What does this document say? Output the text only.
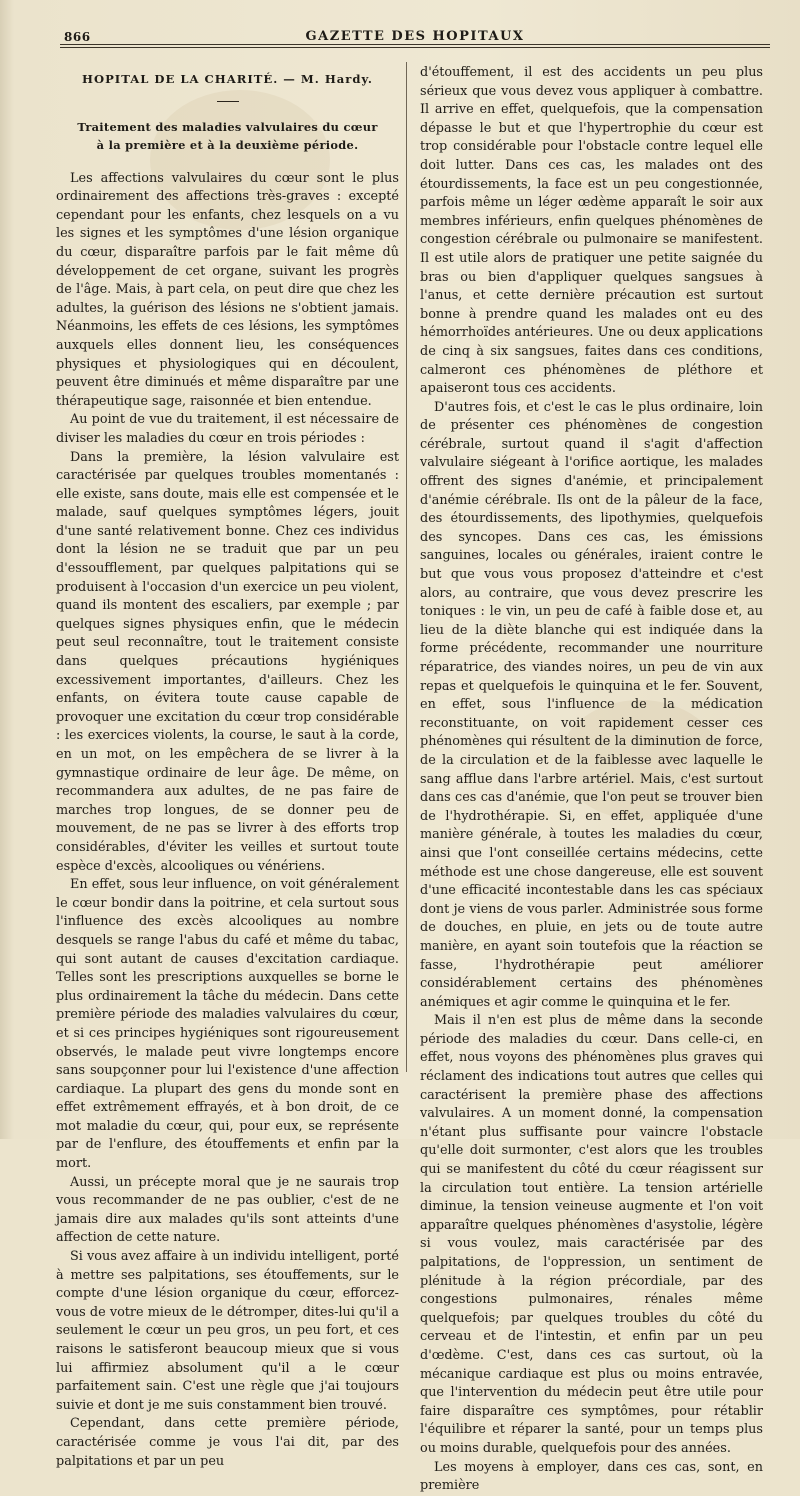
866	GAZETTE DES HOPITAUX
HOPITAL DE LA CHARITÉ. — M. Hardy.
Traitement des maladies valvulaires du cœur
à la première et à la deuxième période.

Les affections valvulaires du cœur sont le plus ordinairement des affections très-graves : excepté cependant pour les enfants, chez lesquels on a vu les signes et les symptômes d'une lésion organique du cœur, disparaître parfois par le fait même dû développement de cet organe, suivant les progrès de l'âge. Mais, à part cela, on peut dire que chez les adultes, la guérison des lésions ne s'obtient jamais. Néanmoins, les effets de ces lésions, les symptômes auxquels elles donnent lieu, les conséquences physiques et physiologiques qui en découlent, peuvent être diminués et même disparaître par une thérapeutique sage, raisonnée et bien entendue.

Au point de vue du traitement, il est nécessaire de diviser les maladies du cœur en trois périodes :

Dans la première, la lésion valvulaire est caractérisée par quelques troubles momentanés : elle existe, sans doute, mais elle est compensée et le malade, sauf quelques symptômes légers, jouit d'une santé relativement bonne. Chez ces individus dont la lésion ne se traduit que par un peu d'essoufflement, par quelques palpitations qui se produisent à l'occasion d'un exercice un peu violent, quand ils montent des escaliers, par exemple ; par quelques signes physiques enfin, que le médecin peut seul reconnaître, tout le traitement consiste dans quelques précautions hygiéniques excessivement importantes, d'ailleurs. Chez les enfants, on évitera toute cause capable de provoquer une excitation du cœur trop considérable : les exercices violents, la course, le saut à la corde, en un mot, on les empêchera de se livrer à la gymnastique ordinaire de leur âge. De même, on recommandera aux adultes, de ne pas faire de marches trop longues, de se donner peu de mouvement, de ne pas se livrer à des efforts trop considérables, d'éviter les veilles et surtout toute espèce d'excès, alcooliques ou vénériens.

En effet, sous leur influence, on voit généralement le cœur bondir dans la poitrine, et cela surtout sous l'influence des excès alcooliques au nombre desquels se range l'abus du café et même du tabac, qui sont autant de causes d'excitation cardiaque. Telles sont les prescriptions auxquelles se borne le plus ordinairement la tâche du médecin. Dans cette première période des maladies valvulaires du cœur, et si ces principes hygiéniques sont rigoureusement observés, le malade peut vivre longtemps encore sans soupçonner pour lui l'existence d'une affection cardiaque. La plupart des gens du monde sont en effet extrêmement effrayés, et à bon droit, de ce mot maladie du cœur, qui, pour eux, se représente par de l'enflure, des étouffements et enfin par la mort.

Aussi, un précepte moral que je ne saurais trop vous recommander de ne pas oublier, c'est de ne jamais dire aux malades qu'ils sont atteints d'une affection de cette nature.

Si vous avez affaire à un individu intelligent, porté à mettre ses palpitations, ses étouffements, sur le compte d'une lésion organique du cœur, efforcez-vous de votre mieux de le détromper, dites-lui qu'il a seulement le cœur un peu gros, un peu fort, et ces raisons le satisferont beaucoup mieux que si vous lui affirmiez absolument qu'il a le cœur parfaitement sain. C'est une règle que j'ai toujours suivie et dont je me suis constamment bien trouvé.

Cependant, dans cette première période, caractérisée comme je vous l'ai dit, par des palpitations et par un peu

d'étouffement, il est des accidents un peu plus sérieux que vous devez vous appliquer à combattre. Il arrive en effet, quelquefois, que la compensation dépasse le but et que l'hypertrophie du cœur est trop considérable pour l'obstacle contre lequel elle doit lutter. Dans ces cas, les malades ont des étourdissements, la face est un peu congestionnée, parfois même un léger œdème apparaît le soir aux membres inférieurs, enfin quelques phénomènes de congestion cérébrale ou pulmonaire se manifestent. Il est utile alors de pratiquer une petite saignée du bras ou bien d'appliquer quelques sangsues à l'anus, et cette dernière précaution est surtout bonne à prendre quand les malades ont eu des hémorrhoïdes antérieures. Une ou deux applications de cinq à six sangsues, faites dans ces conditions, calmeront ces phénomènes de pléthore et apaiseront tous ces accidents.

D'autres fois, et c'est le cas le plus ordinaire, loin de présenter ces phénomènes de congestion cérébrale, surtout quand il s'agit d'affection valvulaire siégeant à l'orifice aortique, les malades offrent des signes d'anémie, et principalement d'anémie cérébrale. Ils ont de la pâleur de la face, des étourdissements, des lipothymies, quelquefois des syncopes. Dans ces cas, les émissions sanguines, locales ou générales, iraient contre le but que vous vous proposez d'atteindre et c'est alors, au contraire, que vous devez prescrire les toniques : le vin, un peu de café à faible dose et, au lieu de la diète blanche qui est indiquée dans la forme précédente, recommander une nourriture réparatrice, des viandes noires, un peu de vin aux repas et quelquefois le quinquina et le fer. Souvent, en effet, sous l'influence de la médication reconstituante, on voit rapidement cesser ces phénomènes qui résultent de la diminution de force, de la circulation et de la faiblesse avec laquelle le sang afflue dans l'arbre artériel. Mais, c'est surtout dans ces cas d'anémie, que l'on peut se trouver bien de l'hydrothérapie. Si, en effet, appliquée d'une manière générale, à toutes les maladies du cœur, ainsi que l'ont conseillée certains médecins, cette méthode est une chose dangereuse, elle est souvent d'une efficacité incontestable dans les cas spéciaux dont je viens de vous parler. Administrée sous forme de douches, en pluie, en jets ou de toute autre manière, en ayant soin toutefois que la réaction se fasse, l'hydrothérapie peut améliorer considérablement certains des phénomènes anémiques et agir comme le quinquina et le fer.

Mais il n'en est plus de même dans la seconde période des maladies du cœur. Dans celle-ci, en effet, nous voyons des phénomènes plus graves qui réclament des indications tout autres que celles qui caractérisent la première phase des affections valvulaires. A un moment donné, la compensation n'étant plus suffisante pour vaincre l'obstacle qu'elle doit surmonter, c'est alors que les troubles qui se manifestent du côté du cœur réagissent sur la circulation tout entière. La tension artérielle diminue, la tension veineuse augmente et l'on voit apparaître quelques phénomènes d'asystolie, légère si vous voulez, mais caractérisée par des palpitations, de l'oppression, un sentiment de plénitude à la région précordiale, par des congestions pulmonaires, rénales même quelquefois; par quelques troubles du côté du cerveau et de l'intestin, et enfin par un peu d'œdème. C'est, dans ces cas surtout, où la mécanique cardiaque est plus ou moins entravée, que l'intervention du médecin peut être utile pour faire disparaître ces symptômes, pour rétablir l'équilibre et réparer la santé, pour un temps plus ou moins durable, quelquefois pour des années.

Les moyens à employer, dans ces cas, sont, en première
